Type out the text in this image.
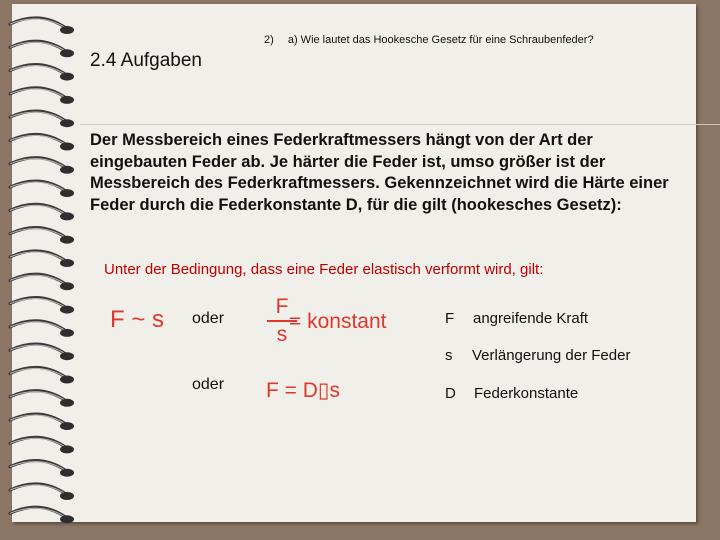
2) a) Wie lautet das Hookesche Gesetz für eine Schraubenfeder?
2.4 Aufgaben
Der Messbereich eines Federkraftmessers hängt von der Art der eingebauten Feder ab. Je härter die Feder ist, umso größer ist der Messbereich des Federkraftmessers. Gekennzeichnet wird die Härte einer Feder durch die Federkonstante D, für die gilt (hookesches Gesetz):
Unter der Bedingung, dass eine Feder elastisch verformt wird, gilt:
F ~ s oder
F
s
= konstant
oder F = D▯s
F angreifende Kraft
s Verlängerung der Feder
D Federkonstante
